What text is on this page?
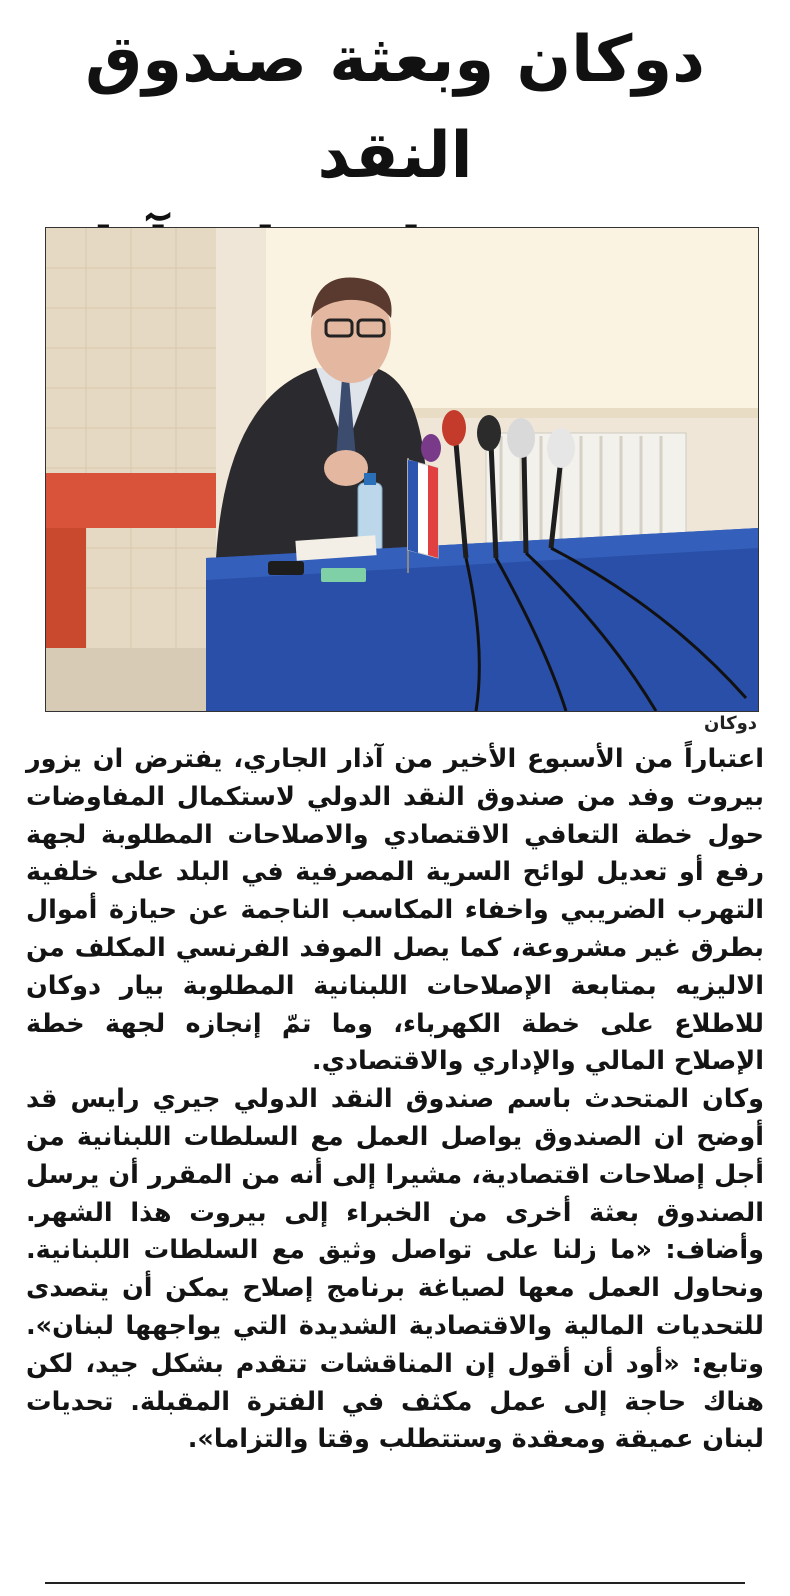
دوكان وبعثة صندوق النقد

دوكان

اعتباراً من الأسبوع الأخير من آذار الجاري، يفترض ان يزور بيروت وفد من صندوق النقد الدولي لاستكمال المفاوضات حول خطة التعافي الاقتصادي والاصلاحات المطلوبة لجهة رفع أو تعديل لوائح السرية المصرفية في البلد على خلفية التهرب الضريبي واخفاء المكاسب الناجمة عن حيازة أموال بطرق غير مشروعة، كما يصل الموفد الفرنسي المكلف من الاليزيه بمتابعة الإصلاحات اللبنانية المطلوبة بيار دوكان للاطلاع على خطة الكهرباء، وما تمّ إنجازه لجهة خطة الإصلاح المالي والإداري والاقتصادي.

وكان المتحدث باسم صندوق النقد الدولي جيري رايس قد أوضح ان الصندوق يواصل العمل مع السلطات اللبنانية من أجل إصلاحات اقتصادية، مشيرا إلى أنه من المقرر أن يرسل الصندوق بعثة أخرى من الخبراء إلى بيروت هذا الشهر. وأضاف: «ما زلنا على تواصل وثيق مع السلطات اللبنانية. ونحاول العمل معها لصياغة برنامج إصلاح يمكن أن يتصدى للتحديات المالية والاقتصادية الشديدة التي يواجهها لبنان». وتابع: «أود أن أقول إن المناقشات تتقدم بشكل جيد، لكن هناك حاجة إلى عمل مكثف في الفترة المقبلة. تحديات لبنان عميقة ومعقدة وستتطلب وقتا والتزاما».
